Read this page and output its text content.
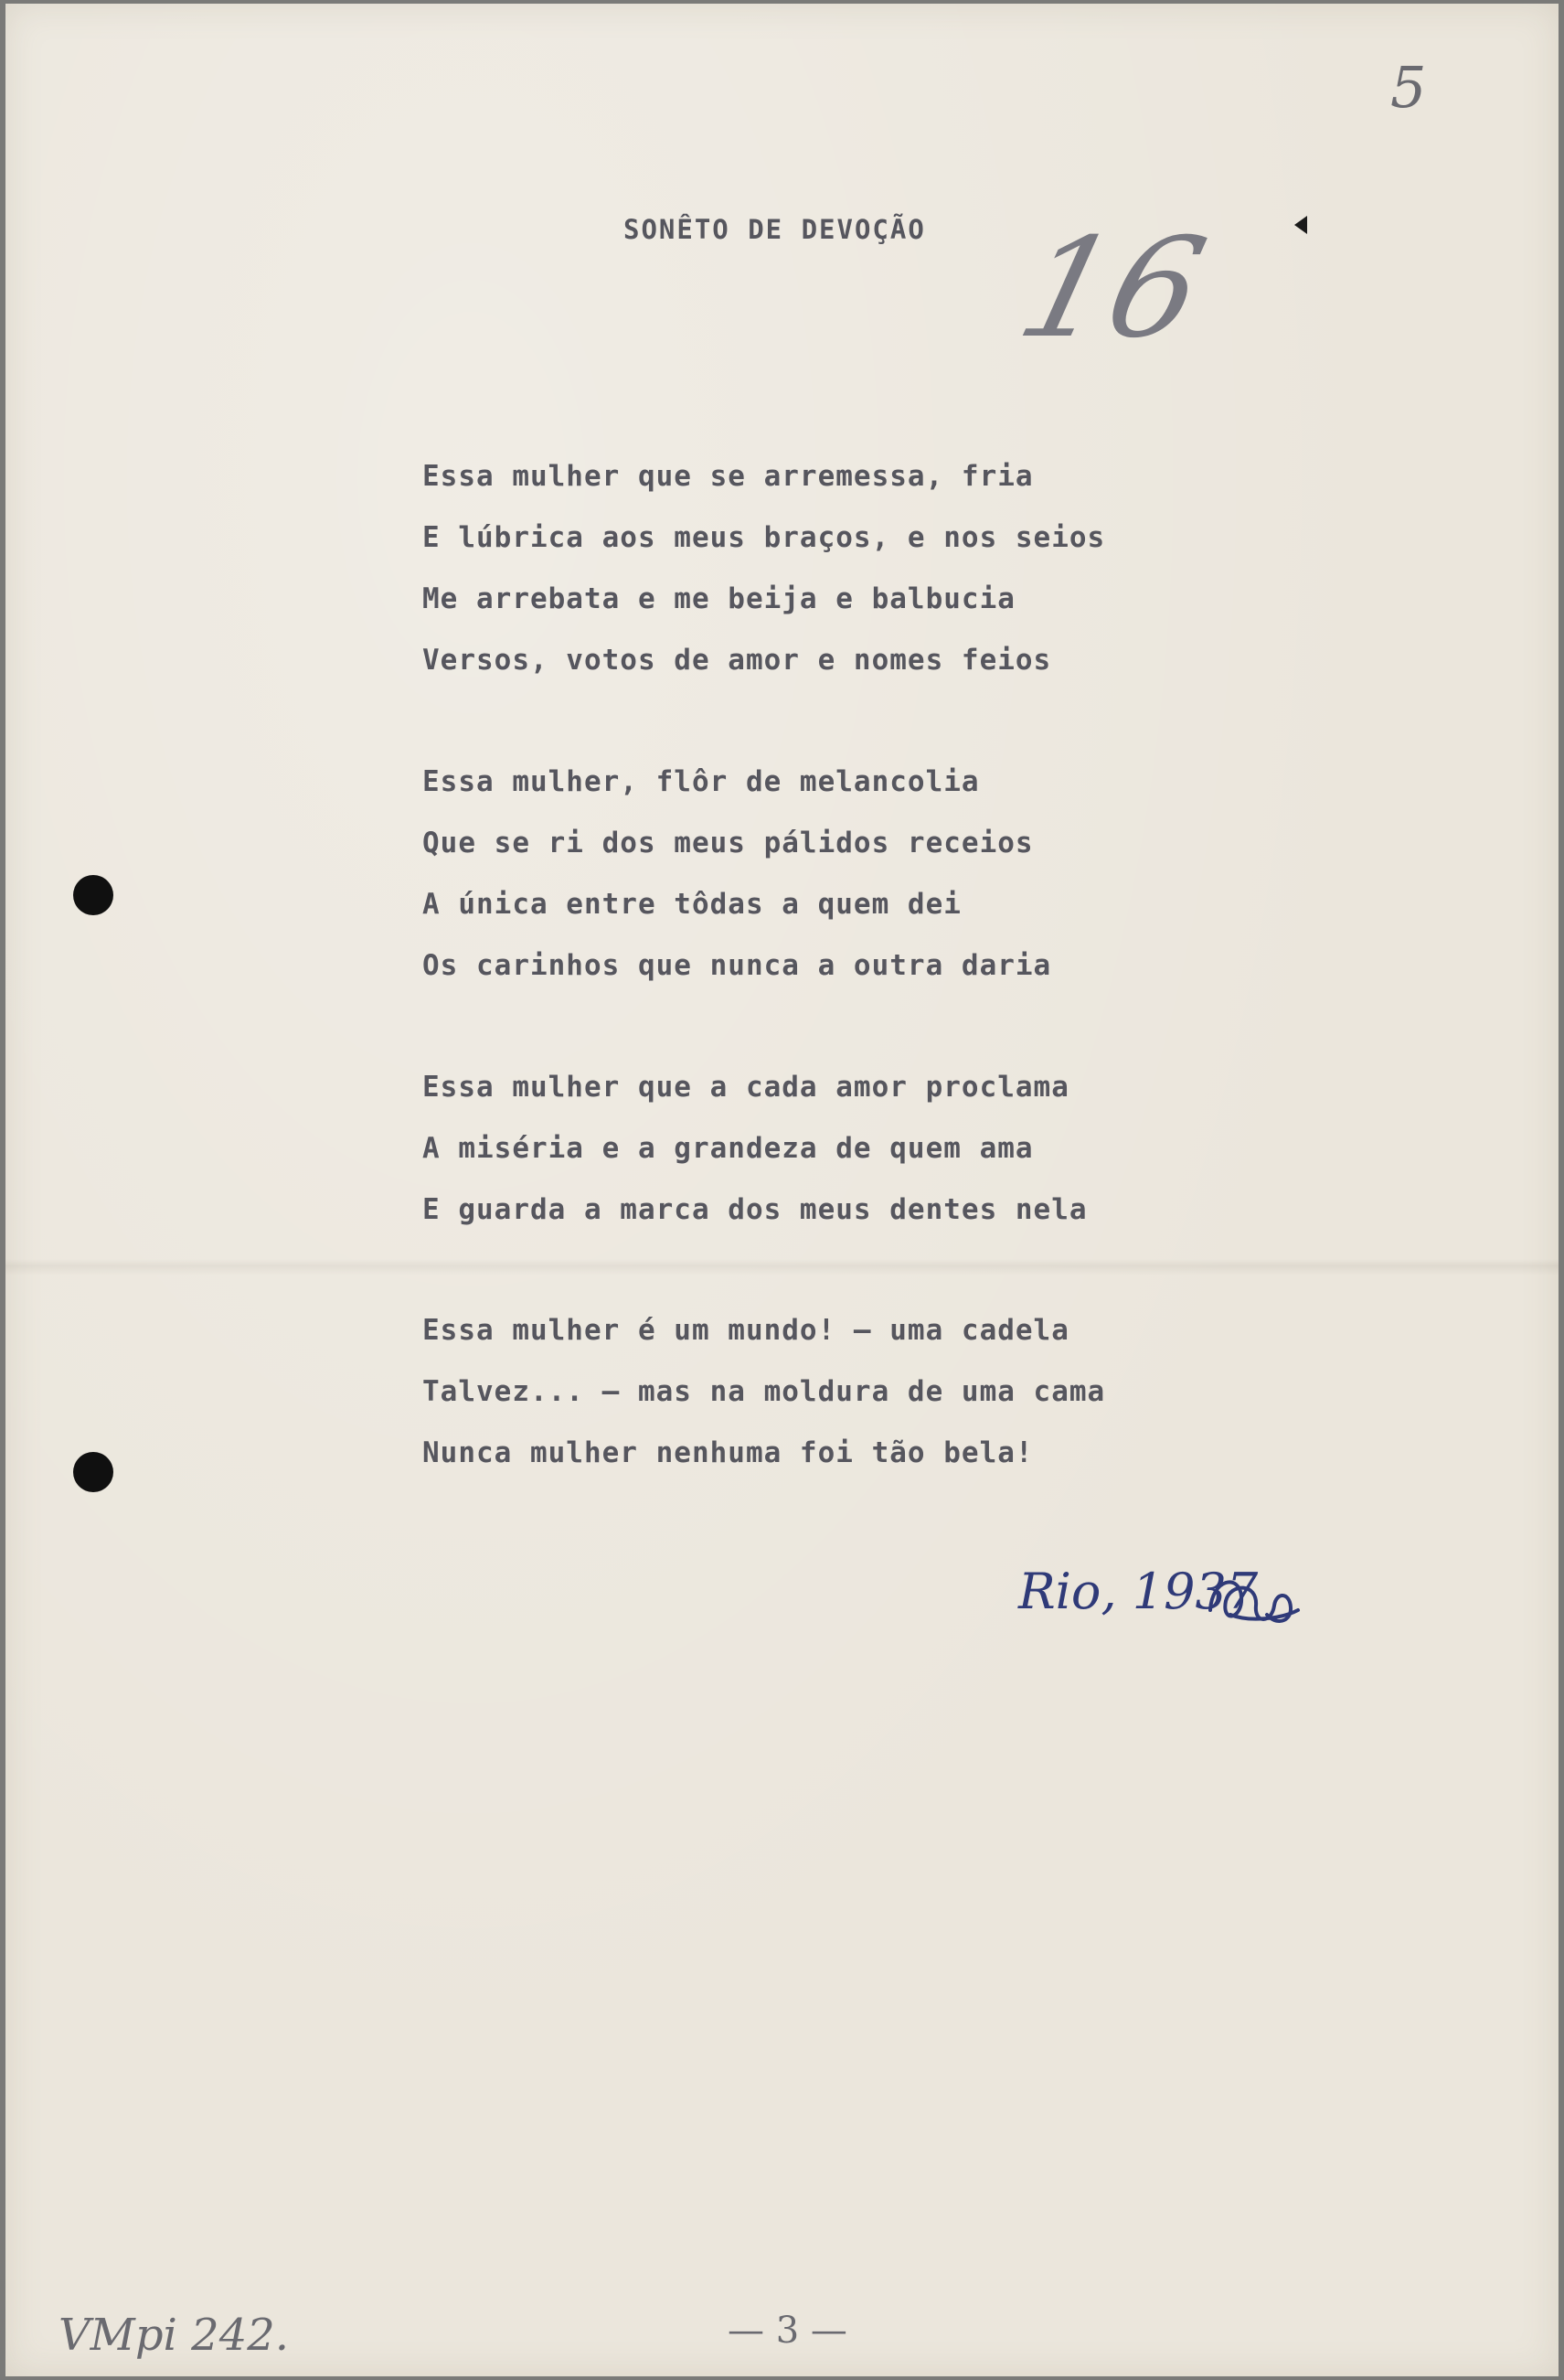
5
SONÊTO DE DEVOÇÃO 16
Essa mulher que se arremessa, fria
E lúbrica aos meus braços, e nos seios
Me arrebata e me beija e balbucia
Versos, votos de amor e nomes feios
Essa mulher, flôr de melancolia
Que se ri dos meus pálidos receios
A única entre tôdas a quem dei
Os carinhos que nunca a outra daria
Essa mulher que a cada amor proclama
A miséria e a grandeza de quem ama
E guarda a marca dos meus dentes nela
Essa mulher é um mundo! — uma cadela
Talvez... — mas na moldura de uma cama
Nunca mulher nenhuma foi tão bela!
Rio, 1937
VMpi 242.	— 3 —
